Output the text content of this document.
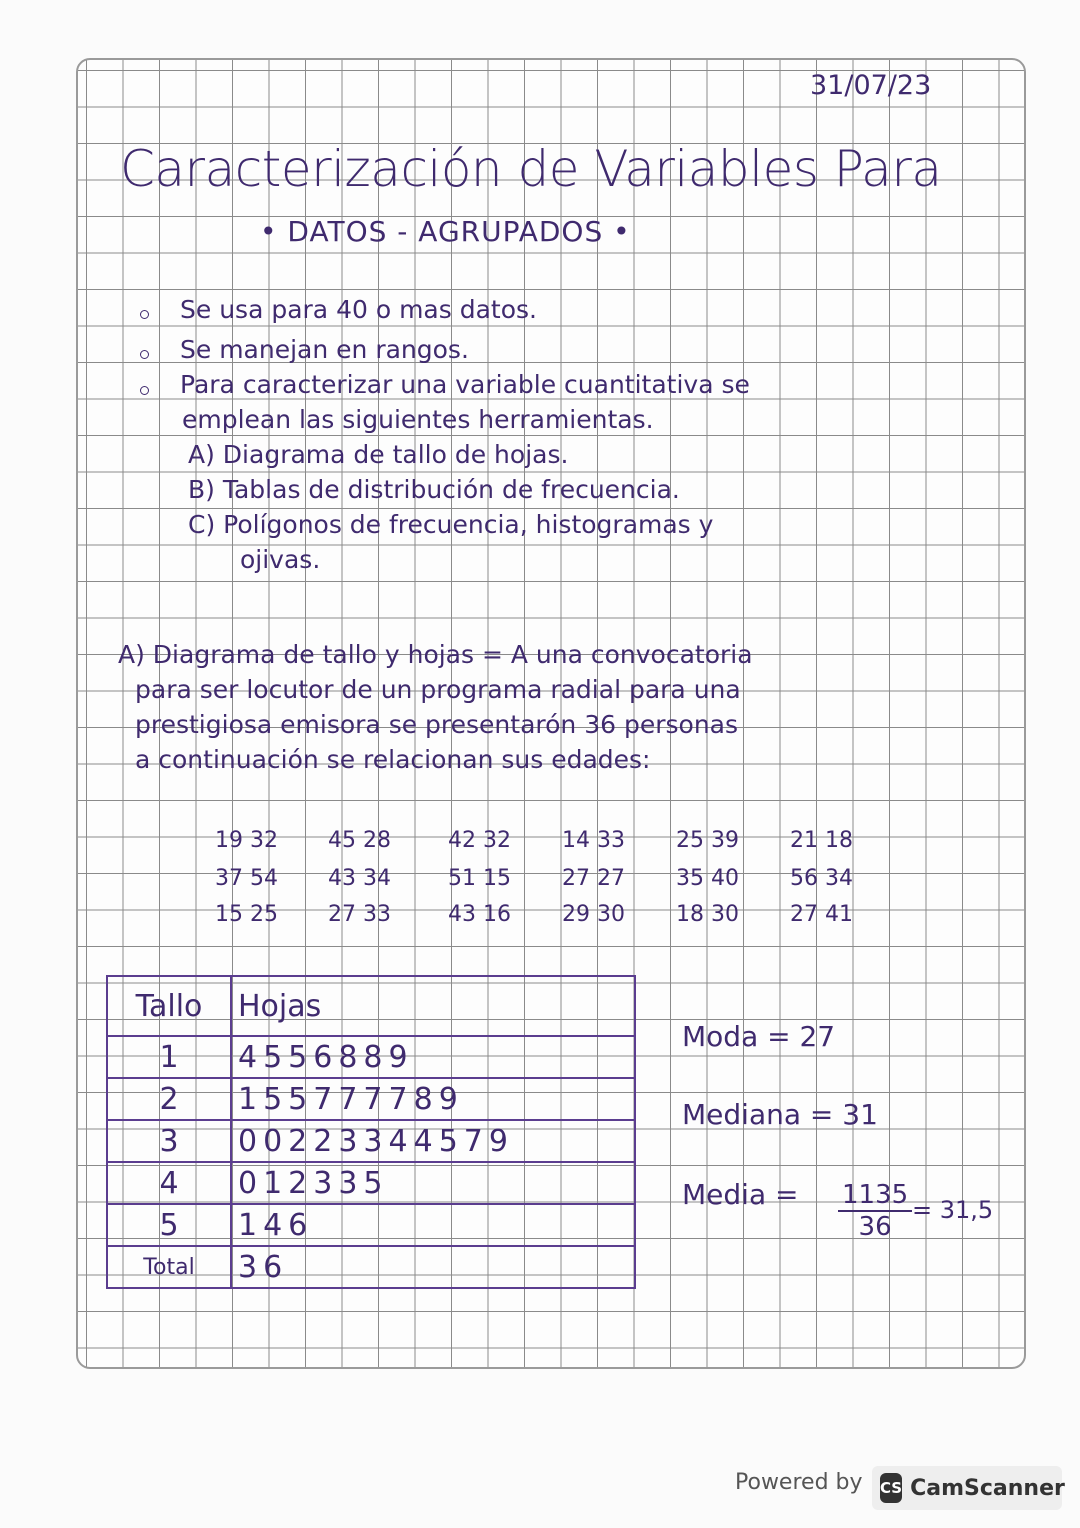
31/07/23
Caracterización de Variables Para
• DATOS - AGRUPADOS •
Se usa para 40 o mas datos.
Se manejan en rangos.
Para caracterizar una variable cuantitativa se
emplean las siguientes herramientas.
A) Diagrama de tallo de hojas.
B) Tablas de distribución de frecuencia.
C) Polígonos de frecuencia, histogramas y
ojivas.
A) Diagrama de tallo y hojas = A una convocatoria
para ser locutor de un programa radial para una
prestigiosa emisora se presentarón 36 personas
a continuación se relacionan sus edades:
19 32 45 28	42 32 14 33 25 39 21 18
37 54 43 34	51 15 27 27 35 40 56 34
15 25 27 33	43 16 29 30 18 30 27 41
Tallo	Hojas
1	4556889
2	155777789
3	00223344579
4	012335
5	146
Total	36
Moda = 27
Mediana = 31
Media = $\frac{1135}{36} = 31,5$
Powered by CS CamScanner
